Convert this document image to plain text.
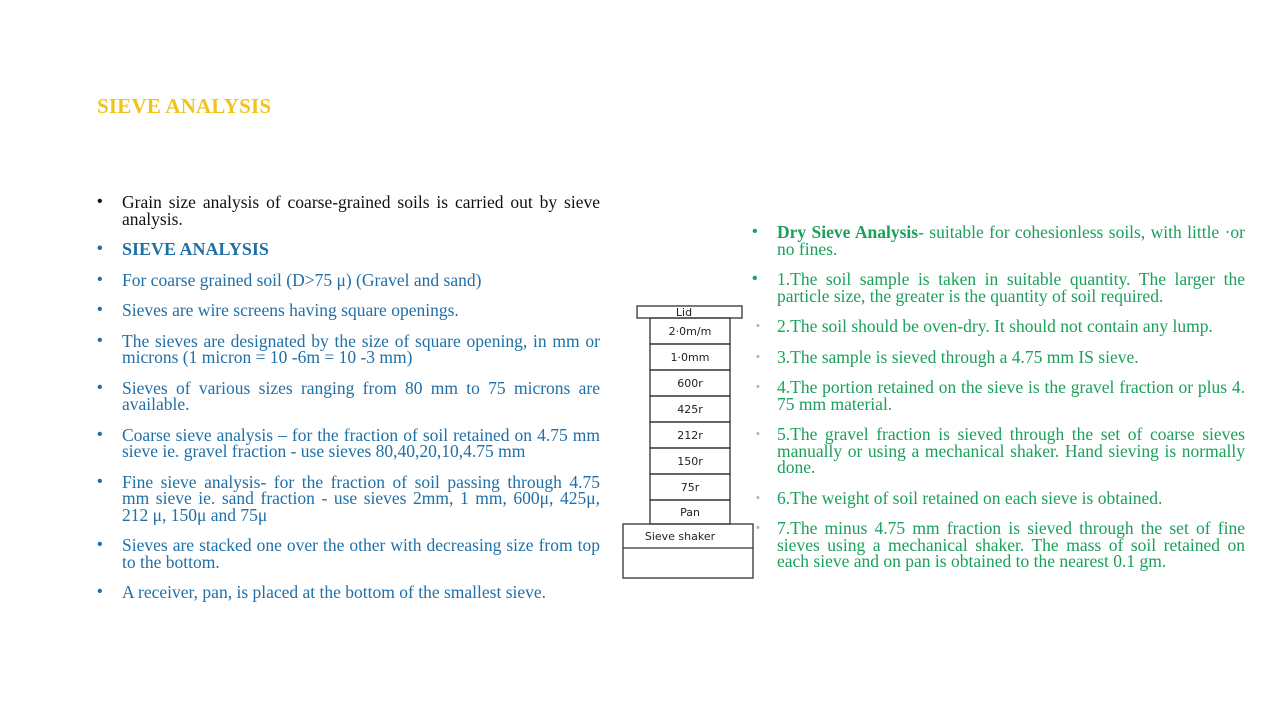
SIEVE ANALYSIS
• Grain size analysis of coarse-grained soils is carried out by sieve analysis.
• SIEVE ANALYSIS
• For coarse grained soil (D>75 μ) (Gravel and sand)
• Sieves are wire screens having square openings.
• The sieves are designated by the size of square opening, in mm or microns (1 micron = 10 -6m = 10 -3 mm)
• Sieves of various sizes ranging from 80 mm to 75 microns are available.
• Coarse sieve analysis – for the fraction of soil retained on 4.75 mm sieve ie. gravel fraction - use sieves 80,40,20,10,4.75 mm
• Fine sieve analysis- for the fraction of soil passing through 4.75 mm sieve ie. sand fraction - use sieves 2mm, 1 mm, 600μ, 425μ, 212 μ, 150μ and 75μ
• Sieves are stacked one over the other with decreasing size from top to the bottom.
• A receiver, pan, is placed at the bottom of the smallest sieve.
Lid
2·0m/m
1·0mm
600r
425r
212r
150r
75r
Pan
Sieve shaker
• Dry Sieve Analysis- suitable for cohesionless soils, with little ·or no fines.
• 1.The soil sample is taken in suitable quantity. The larger the particle size, the greater is the quantity of soil required.
• 2.The soil should be oven-dry. It should not contain any lump.
• 3.The sample is sieved through a 4.75 mm IS sieve.
• 4.The portion retained on the sieve is the gravel fraction or plus 4. 75 mm material.
• 5.The gravel fraction is sieved through the set of coarse sieves manually or using a mechanical shaker. Hand sieving is normally done.
• 6.The weight of soil retained on each sieve is obtained.
• 7.The minus 4.75 mm fraction is sieved through the set of fine sieves using a mechanical shaker. The mass of soil retained on each sieve and on pan is obtained to the nearest 0.1 gm.
